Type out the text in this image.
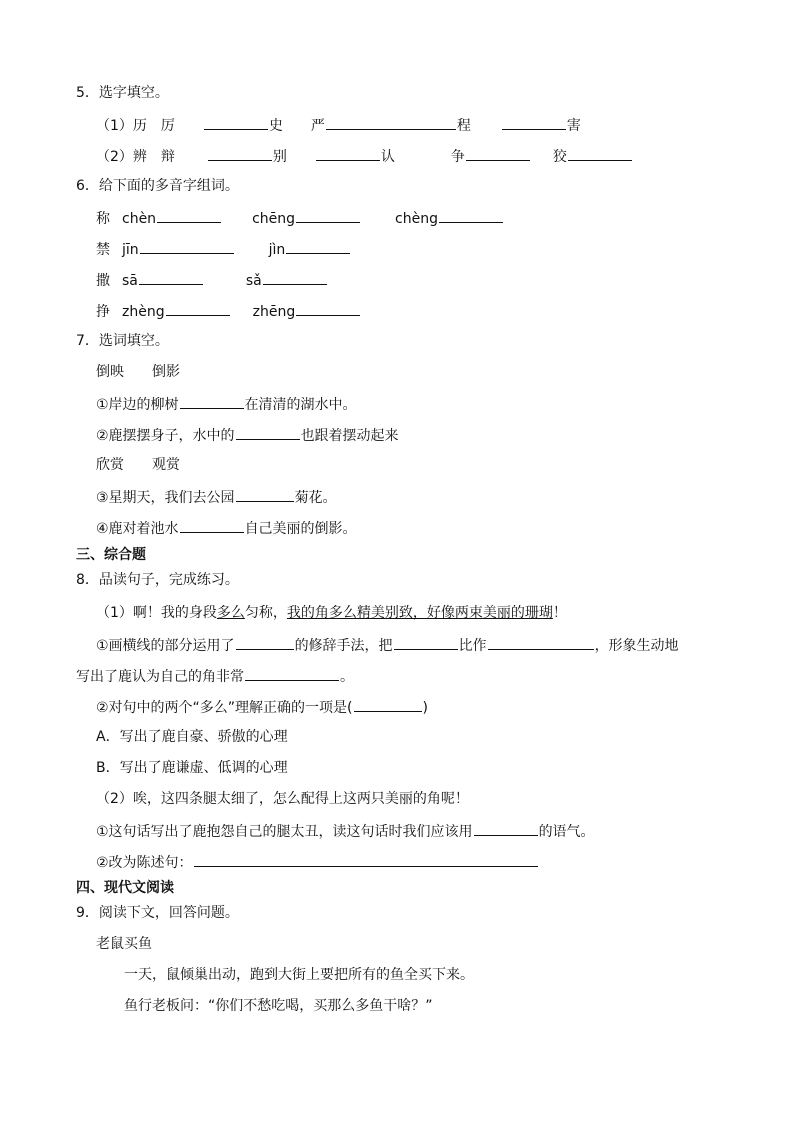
5．选字填空。
（1）历　厉	史 严	程	害
（2）辨　辩	别	认	争	狡
6．给下面的多音字组词。
称 chèn	chēng	chèng
禁 jīn	jìn
撒 sā	sǎ
挣 zhèng	zhēng
7．选词填空。
倒映　　倒影
①岸边的柳树	在清清的湖水中。
②鹿摆摆身子，水中的	也跟着摆动起来
欣赏　　观赏
③星期天，我们去公园	菊花。
④鹿对着池水	自己美丽的倒影。
三、综合题
8．品读句子，完成练习。
（1）啊！我的身段多么匀称，我的角多么精美别致，好像两束美丽的珊瑚！
①画横线的部分运用了	的修辞手法，把	比作	，形象生动地
写出了鹿认为自己的角非常	。
②对句中的两个“多么”理解正确的一项是(	)
A．写出了鹿自豪、骄傲的心理
B．写出了鹿谦虚、低调的心理
（2）唉，这四条腿太细了，怎么配得上这两只美丽的角呢！
①这句话写出了鹿抱怨自己的腿太丑，读这句话时我们应该用	的语气。
②改为陈述句：
四、现代文阅读
9．阅读下文，回答问题。
老鼠买鱼
一天，鼠倾巢出动，跑到大街上要把所有的鱼全买下来。
鱼行老板问：“你们不愁吃喝，买那么多鱼干啥？”
